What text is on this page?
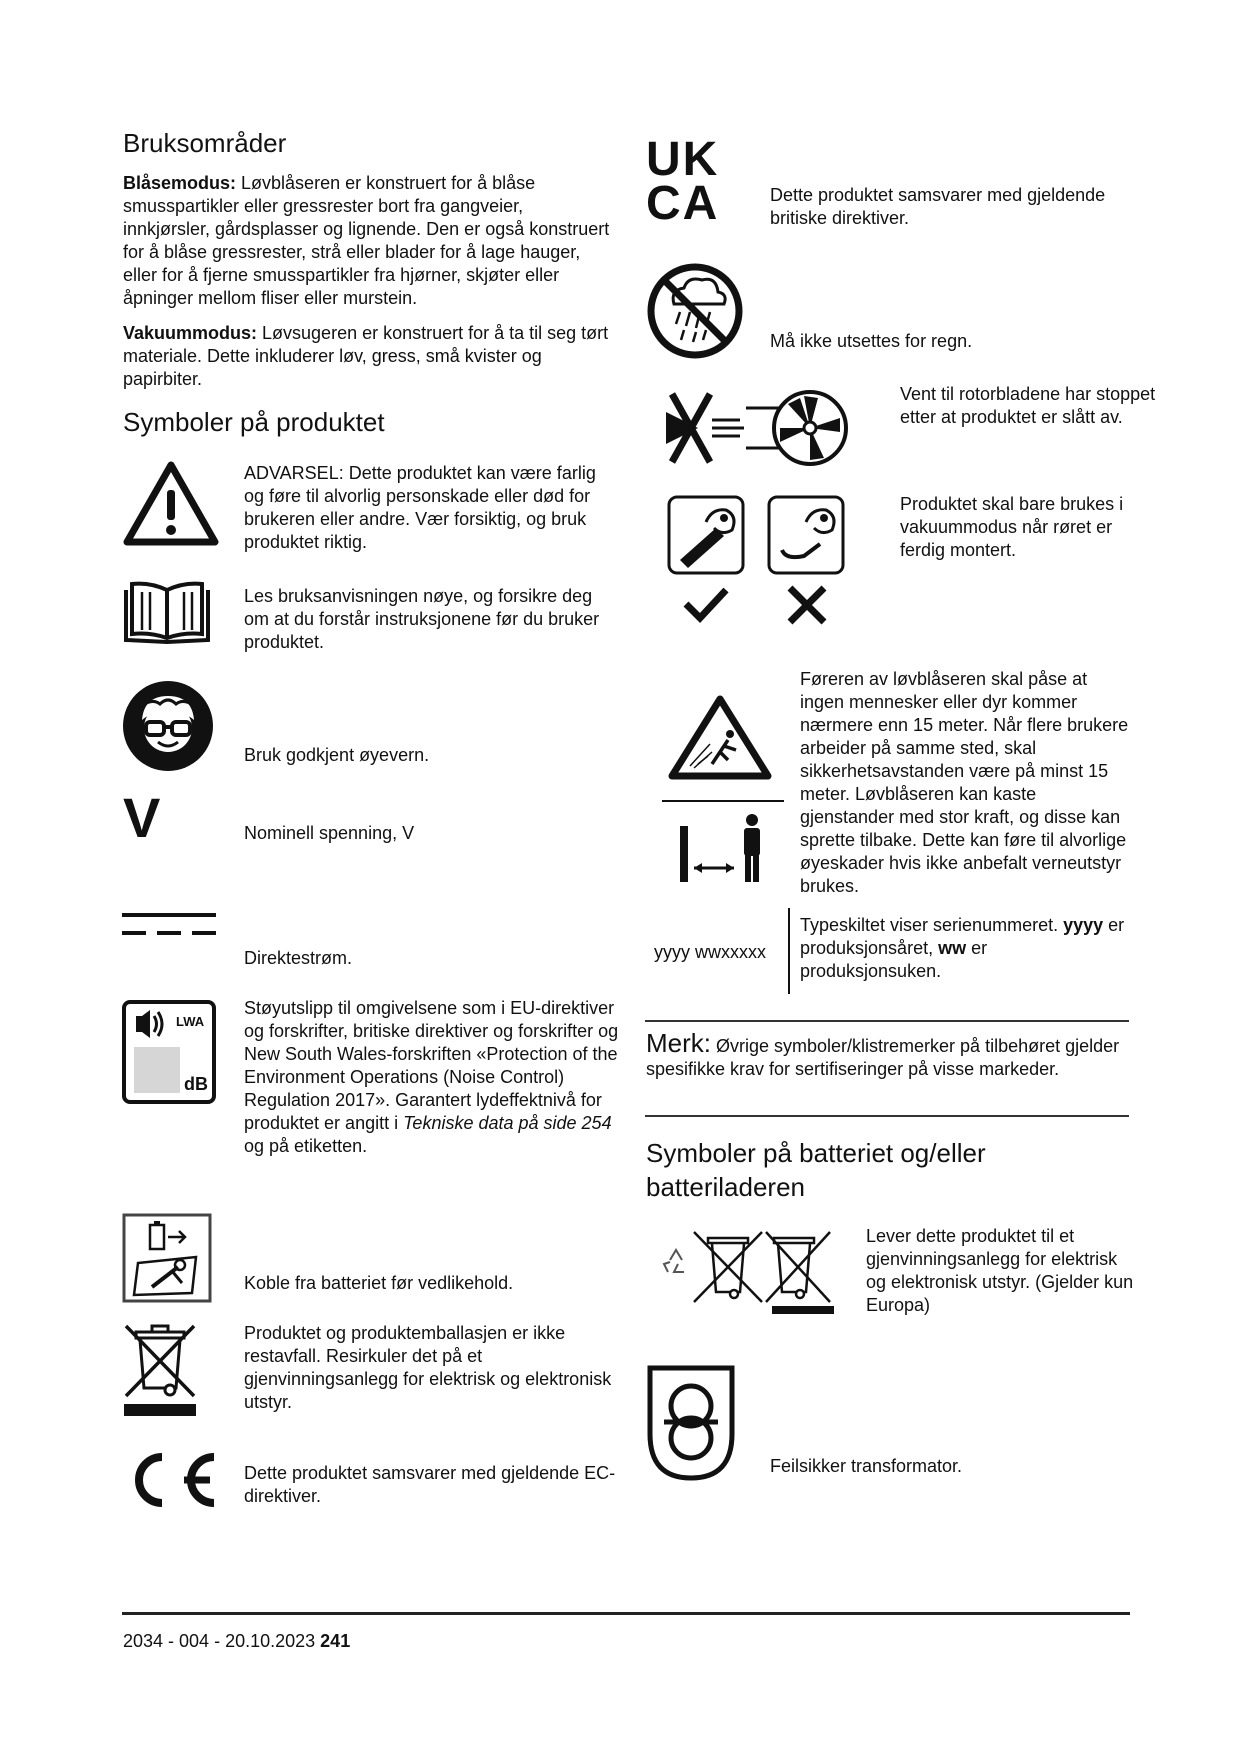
Bruksområder
Blåsemodus: Løvblåseren er konstruert for å blåse smusspartikler eller gressrester bort fra gangveier, innkjørsler, gårdsplasser og lignende. Den er også konstruert for å blåse gressrester, strå eller blader for å lage hauger, eller for å fjerne smusspartikler fra hjørner, skjøter eller åpninger mellom fliser eller murstein.
Vakuummodus: Løvsugeren er konstruert for å ta til seg tørt materiale. Dette inkluderer løv, gress, små kvister og papirbiter.
Symboler på produktet
ADVARSEL: Dette produktet kan være farlig og føre til alvorlig personskade eller død for brukeren eller andre. Vær forsiktig, og bruk produktet riktig.
Les bruksanvisningen nøye, og forsikre deg om at du forstår instruksjonene før du bruker produktet.
Bruk godkjent øyevern.
V	Nominell spenning, V
Direktestrøm.
LWA
dB
Støyutslipp til omgivelsene som i EU-direktiver og forskrifter, britiske direktiver og forskrifter og New South Wales-forskriften «Protection of the Environment Operations (Noise Control) Regulation 2017». Garantert lydeffektnivå for produktet er angitt i Tekniske data på side 254 og på etiketten.
Koble fra batteriet før vedlikehold.
Produktet og produktemballasjen er ikke restavfall. Resirkuler det på et gjenvinningsanlegg for elektrisk og elektronisk utstyr.
Dette produktet samsvarer med gjeldende EC-direktiver.
UK
CA	Dette produktet samsvarer med gjeldende britiske direktiver.
Må ikke utsettes for regn.
Vent til rotorbladene har stoppet etter at produktet er slått av.
Produktet skal bare brukes i vakuummodus når røret er ferdig montert.
Føreren av løvblåseren skal påse at ingen mennesker eller dyr kommer nærmere enn 15 meter. Når flere brukere arbeider på samme sted, skal sikkerhetsavstanden være på minst 15 meter. Løvblåseren kan kaste gjenstander med stor kraft, og disse kan sprette tilbake. Dette kan føre til alvorlige øyeskader hvis ikke anbefalt verneutstyr brukes.
yyyy wwxxxxx
Typeskiltet viser serienummeret. yyyy er produksjonsåret, ww er produksjonsuken.
Merk: Øvrige symboler/klistremerker på tilbehøret gjelder spesifikke krav for sertifiseringer på visse markeder.
Symboler på batteriet og/eller batteriladeren
Lever dette produktet til et gjenvinningsanlegg for elektrisk og elektronisk utstyr. (Gjelder kun Europa)
Feilsikker transformator.
2034 - 004 - 20.10.2023 241
